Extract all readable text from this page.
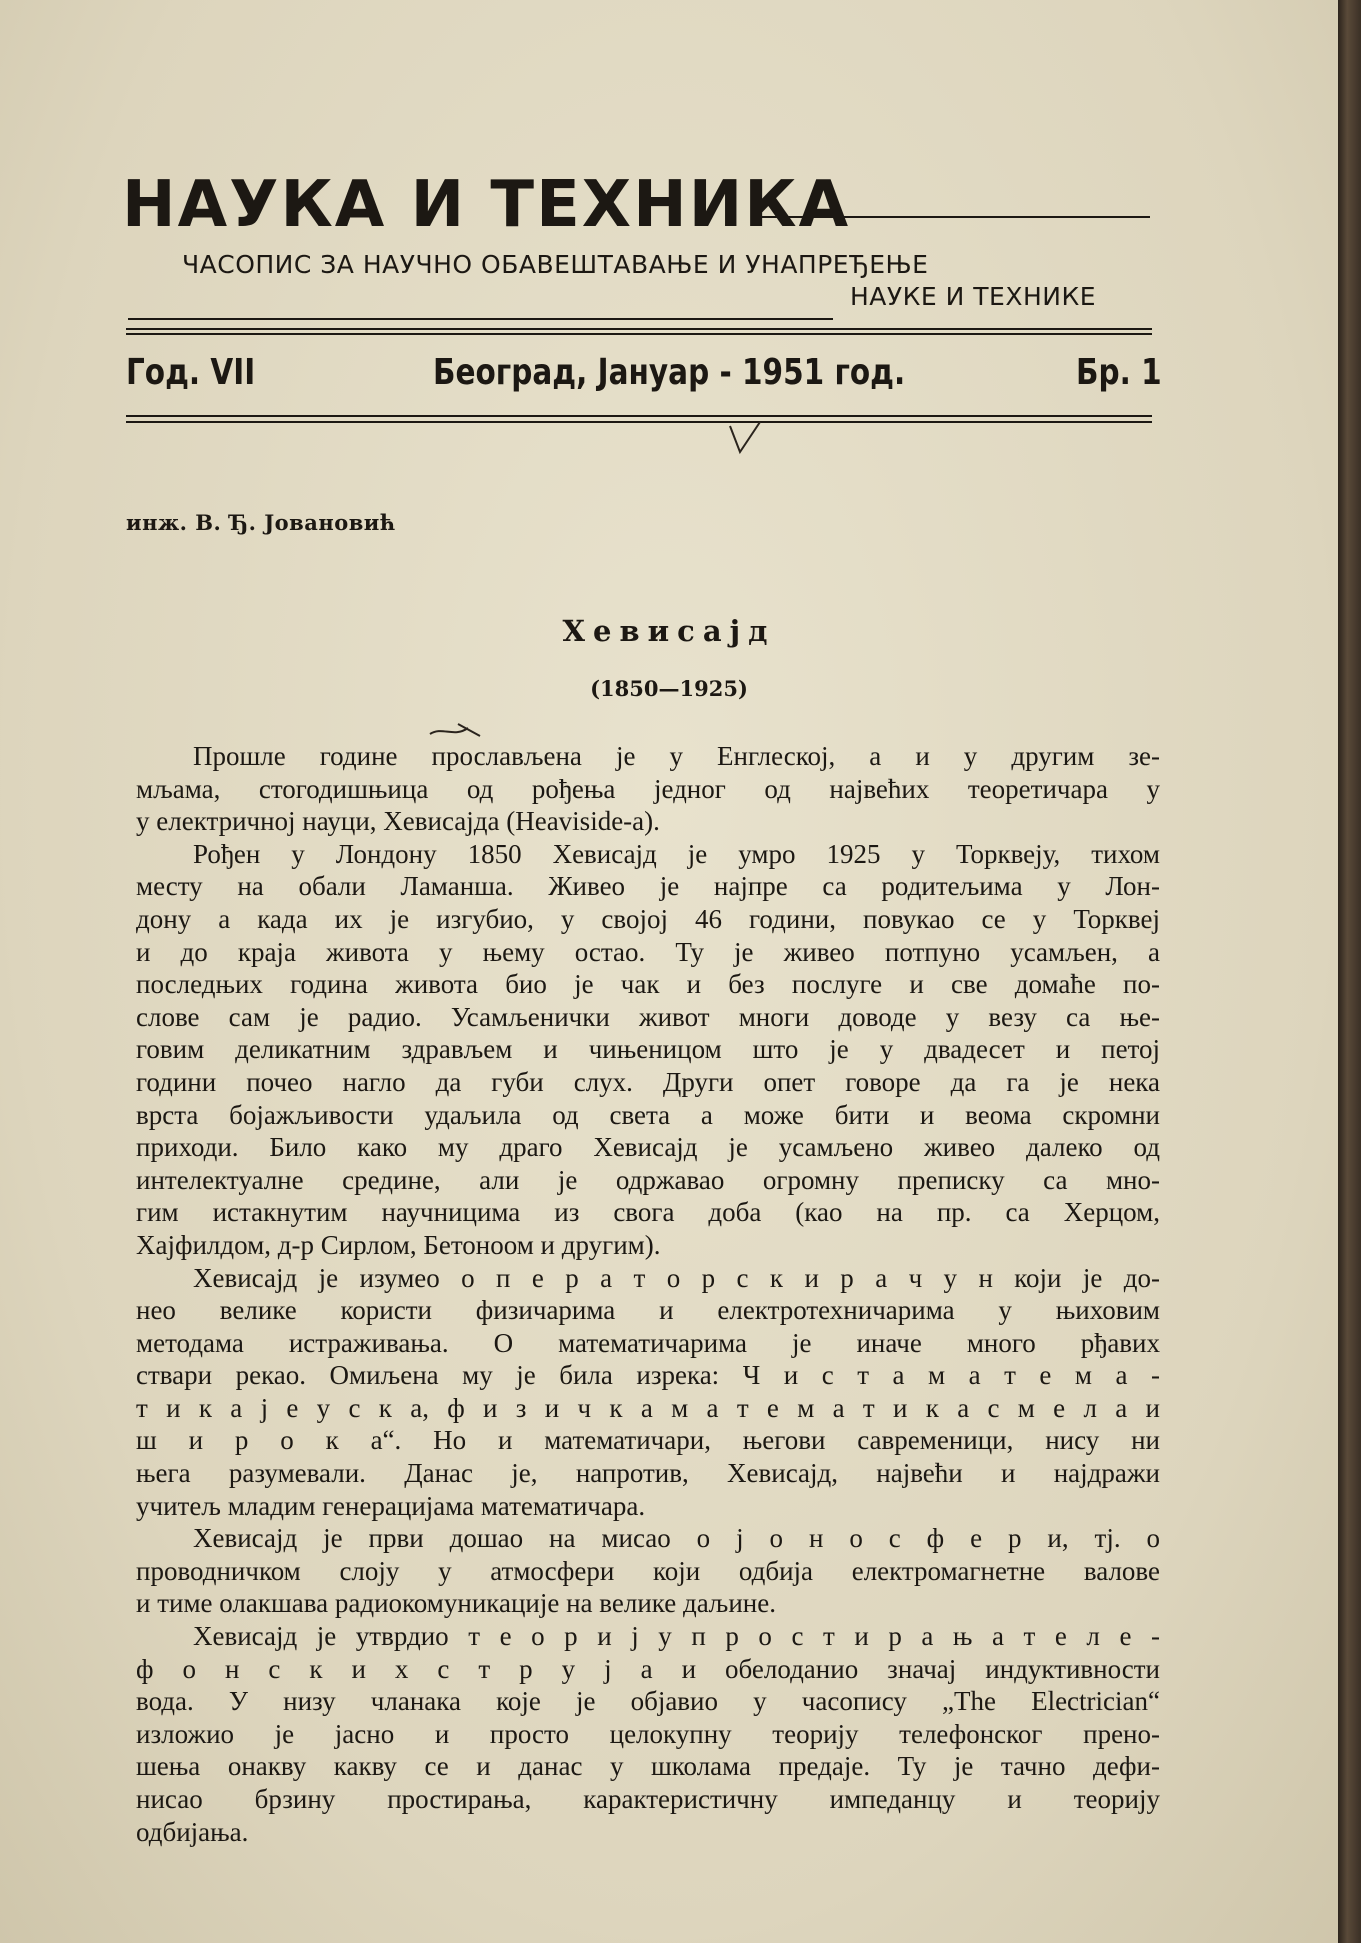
НАУКА И ТЕХНИКА
ЧАСОПИС ЗА НАУЧНО ОБАВЕШТАВАЊЕ И УНАПРЕЂЕЊЕ
НАУКЕ И ТЕХНИКЕ
Год. VII	Београд, Јануар - 1951 год.	Бр. 1
инж. В. Ђ. Јовановић
Хевисајд
(1850—1925)
Прошле године прослављена је у Енглеској, а и у другим зе-
мљама, стогодишњица од рођења једног од највећих теоретичара у
у електричној науци, Хевисајда (Heaviside-a).
Рођен у Лондону 1850 Хевисајд је умро 1925 у Торквеју, тихом
месту на обали Ламанша. Живео је најпре са родитељима у Лон-
дону а када их је изгубио, у својој 46 години, повукао се у Торквеј
и до краја живота у њему остао. Ту је живео потпуно усамљен, а
последњих година живота био је чак и без послуге и све домаће по-
слове сам је радио. Усамљенички живот многи доводе у везу са ње-
говим деликатним здрављем и чињеницом што је у двадесет и петој
години почео нагло да губи слух. Други опет говоре да га је нека
врста бојажљивости удаљила од света а може бити и веома скромни
приходи. Било како му драго Хевисајд је усамљено живео далеко од
интелектуалне средине, али је одржавао огромну преписку са мно-
гим истакнутим научницима из свога доба (као на пр. са Херцом,
Хајфилдом, д-р Сирлом, Бетоноом и другим).
Хевисајд је изумео о п е р а т о р с к и р а ч у н који је до-
нео велике користи физичарима и електротехничарима у њиховим
методама истраживања. О математичарима је иначе много рђавих
ствари рекао. Омиљена му је била изрека: Ч и с т а м а т е м а -
т и к а ј е у с к а, ф и з и ч к а м а т е м а т и к а с м е л а и
ш и р о к а“. Но и математичари, његови савременици, нису ни
њега разумевали. Данас је, напротив, Хевисајд, највећи и најдражи
учитељ младим генерацијама математичара.
Хевисајд је први дошао на мисао о ј о н о с ф е р и, тј. о
проводничком слоју у атмосфери који одбија електромагнетне валове
и тиме олакшава радиокомуникације на велике даљине.
Хевисајд је утврдио т е о р и ј у п р о с т и р а њ а т е л е -
ф о н с к и х с т р у ј а и обелоданио значај индуктивности
вода. У низу чланака које је објавио у часопису „The Electrician“
изложио је јасно и просто целокупну теорију телефонског прено-
шења онакву какву се и данас у школама предаје. Ту је тачно дефи-
нисао брзину простирања, карактеристичну импеданцу и теорију
одбијања.
